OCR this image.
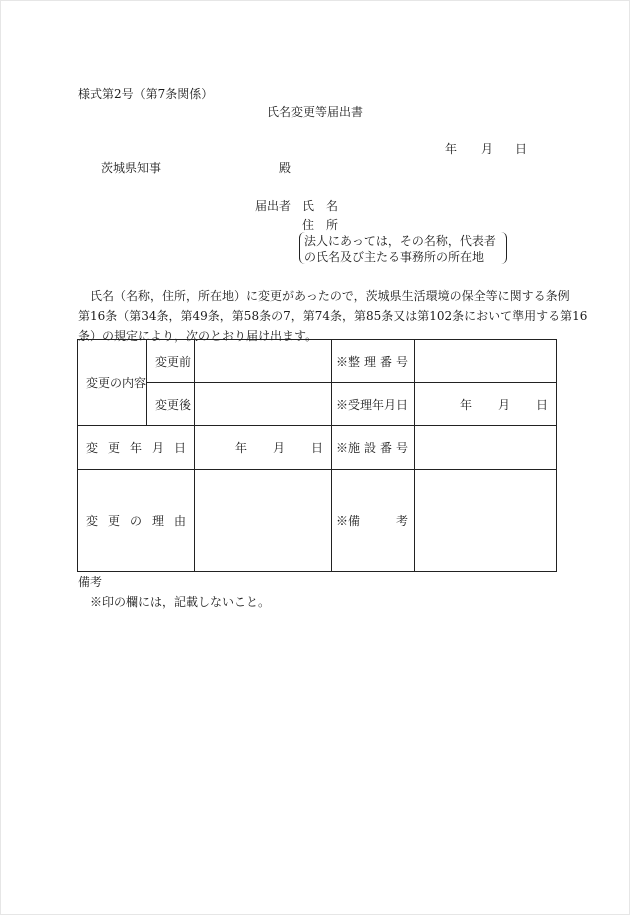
様式第2号（第7条関係）
氏名変更等届出書
年 月 日
茨城県知事	殿
届出者 氏　名
住　所
法人にあっては，その名称，代表者
の氏名及び主たる事務所の所在地

氏名（名称，住所，所在地）に変更があったので，茨城県生活環境の保全等に関する条例

第16条（第34条，第49条，第58条の7，第74条，第85条又は第102条において準用する第16

条）の規定により，次のとおり届け出ます。

変更の内容	変更前		※整 理 番 号	

	変更後		※受理年月日	年 月 日

変 更 年 月 日		年 月 日	※施 設 番 号	

変 更 の 理 由			※備 考	

備考
※印の欄には，記載しないこと。
